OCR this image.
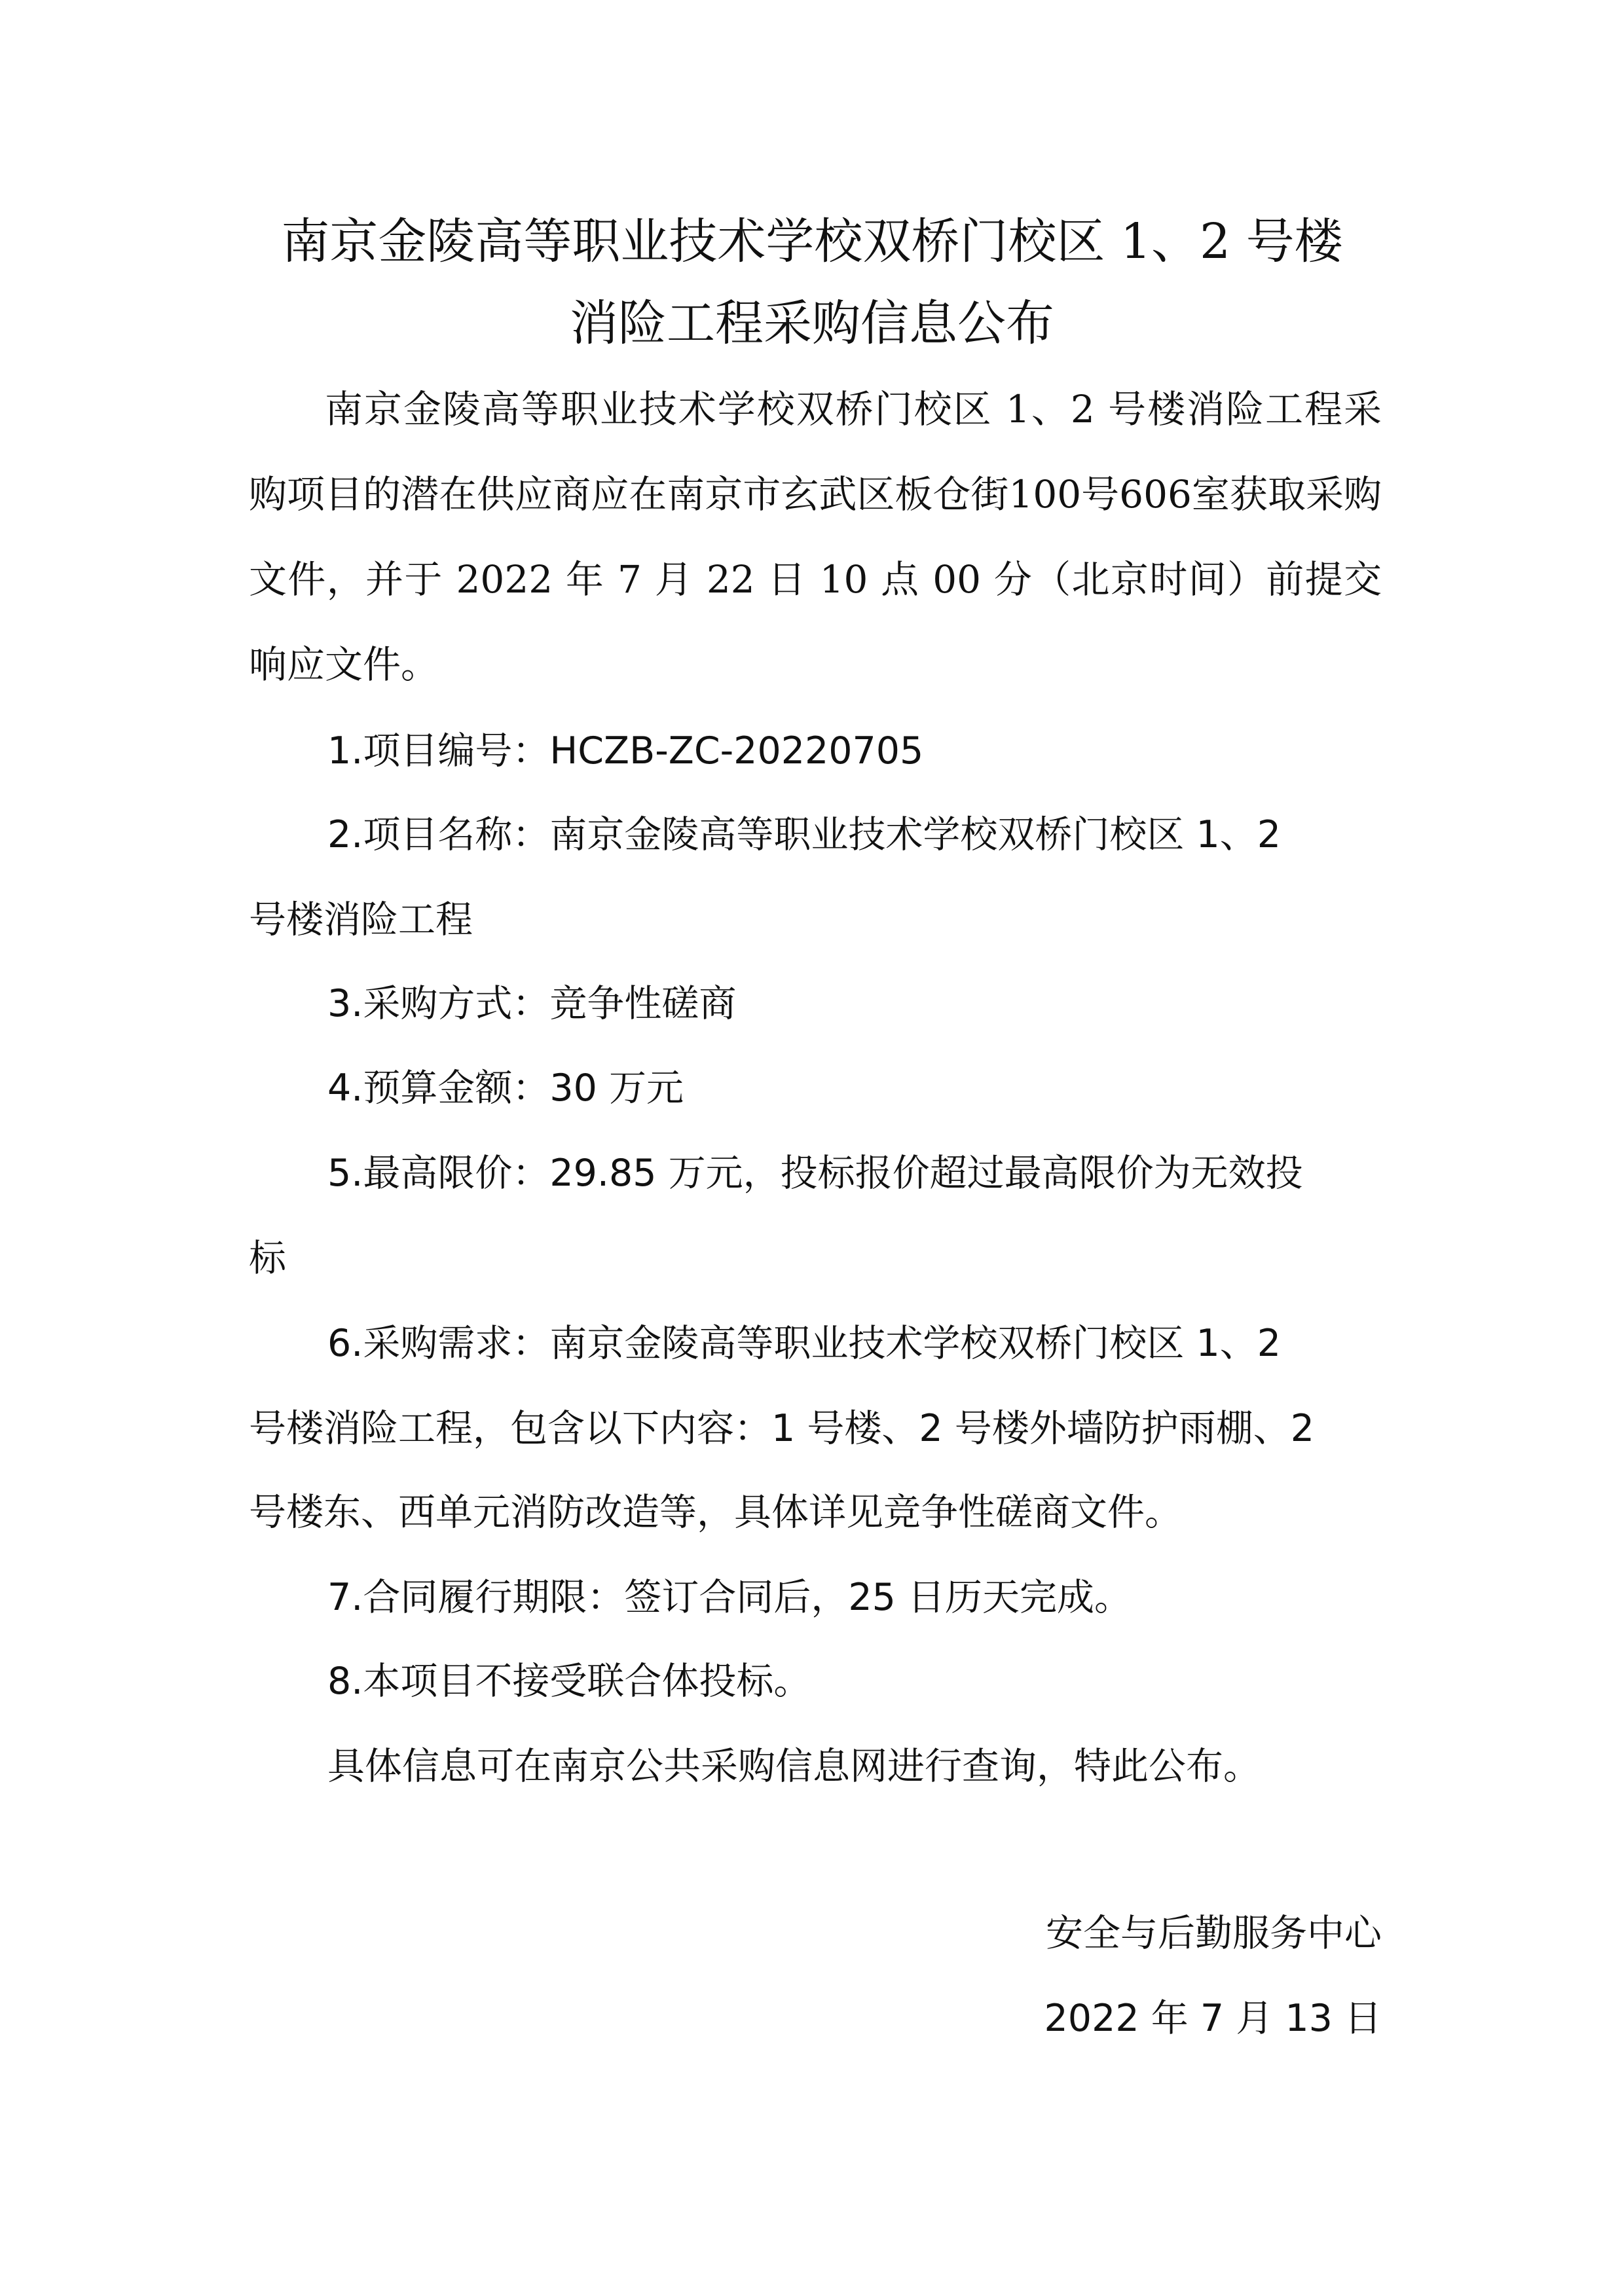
南京金陵高等职业技术学校双桥门校区 1、2 号楼
消险工程采购信息公布
南京金陵高等职业技术学校双桥门校区 1、2 号楼消险工程采购项目的潜在供应商应在南京市玄武区板仓街100号606室获取采购文件，并于 2022 年 7 月 22 日 10 点 00 分（北京时间）前提交响应文件。
1.项目编号：HCZB-ZC-20220705
2.项目名称：南京金陵高等职业技术学校双桥门校区 1、2
号楼消险工程
3.采购方式：竞争性磋商
4.预算金额：30 万元
5.最高限价：29.85 万元，投标报价超过最高限价为无效投
标
6.采购需求：南京金陵高等职业技术学校双桥门校区 1、2
号楼消险工程，包含以下内容：1 号楼、2 号楼外墙防护雨棚、2
号楼东、西单元消防改造等，具体详见竞争性磋商文件。
7.合同履行期限：签订合同后，25 日历天完成。
8.本项目不接受联合体投标。
具体信息可在南京公共采购信息网进行查询，特此公布。
安全与后勤服务中心
2022 年 7 月 13 日
